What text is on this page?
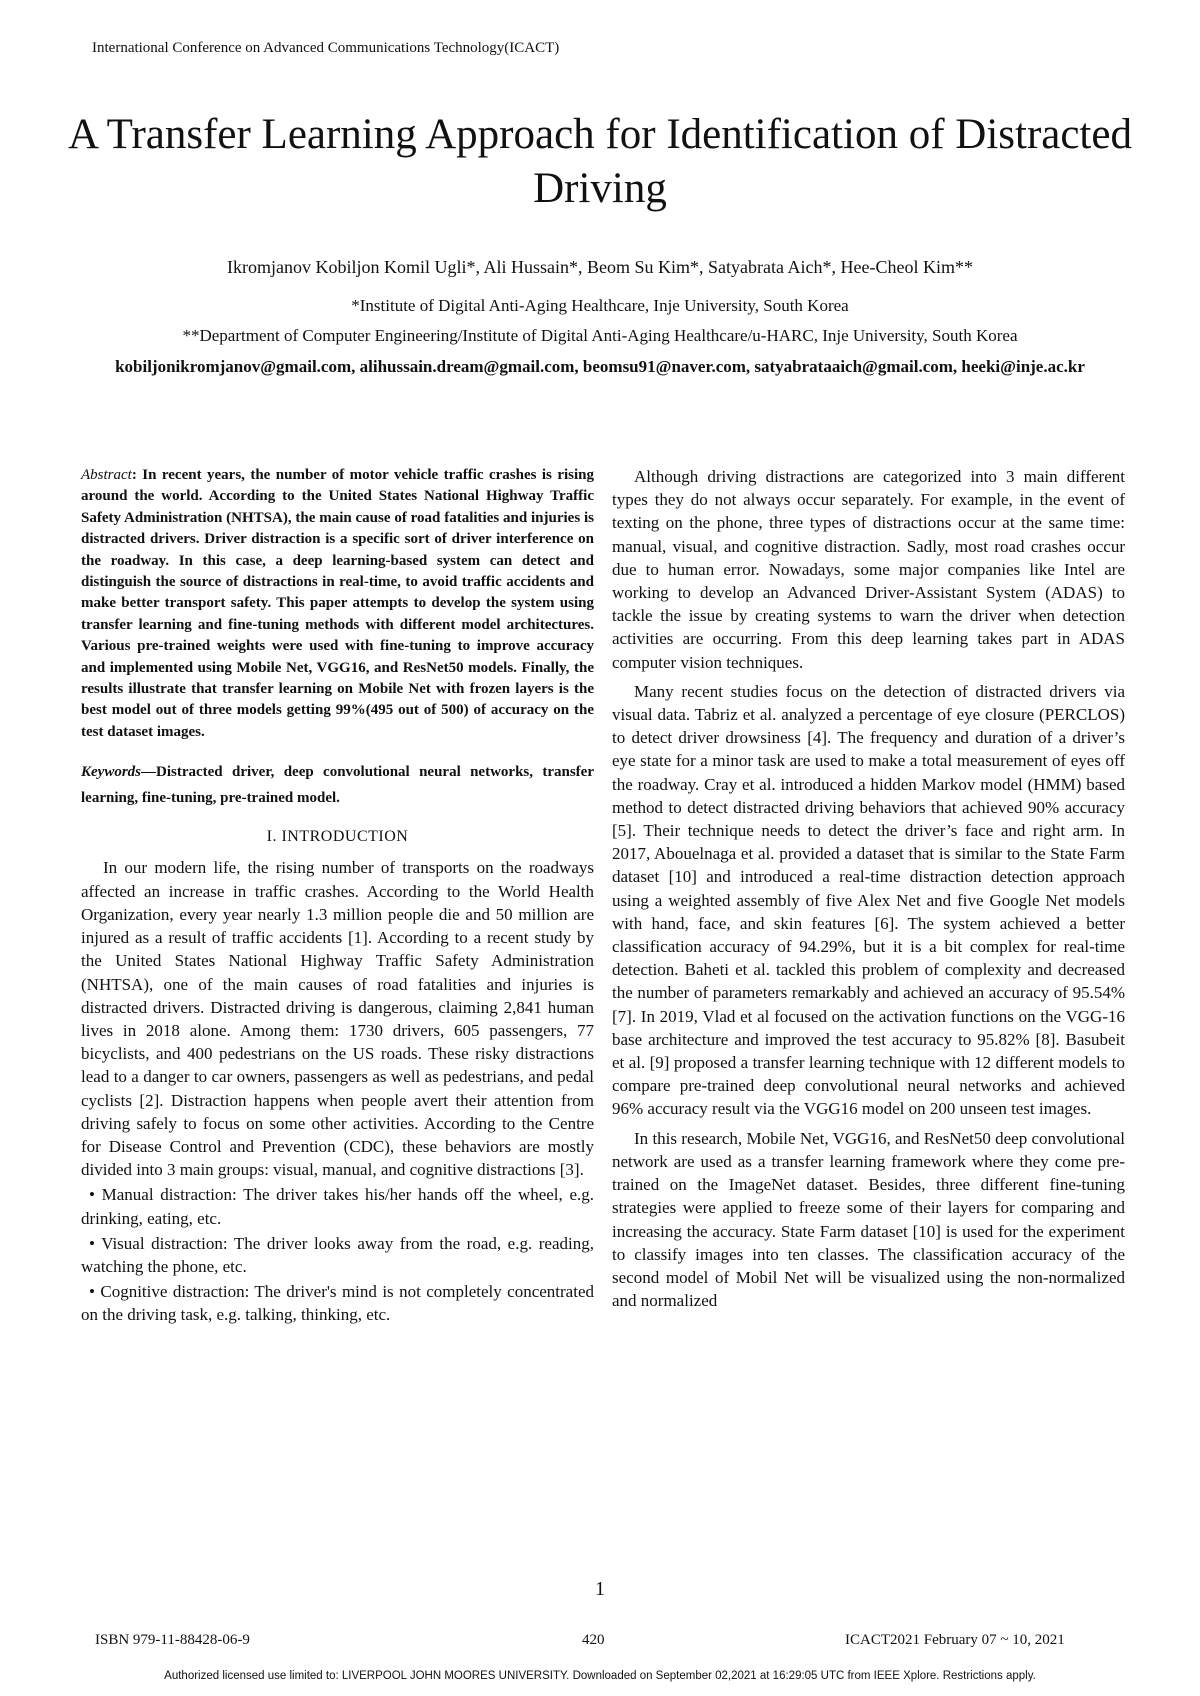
International Conference on Advanced Communications Technology(ICACT)
A Transfer Learning Approach for Identification of Distracted Driving
Ikromjanov Kobiljon Komil Ugli*, Ali Hussain*, Beom Su Kim*, Satyabrata Aich*, Hee-Cheol Kim**
*Institute of Digital Anti-Aging Healthcare, Inje University, South Korea
**Department of Computer Engineering/Institute of Digital Anti-Aging Healthcare/u-HARC, Inje University, South Korea
kobiljonikromjanov@gmail.com, alihussain.dream@gmail.com, beomsu91@naver.com, satyabrataaich@gmail.com, heeki@inje.ac.kr

Abstract: In recent years, the number of motor vehicle traffic crashes is rising around the world. According to the United States National Highway Traffic Safety Administration (NHTSA), the main cause of road fatalities and injuries is distracted drivers. Driver distraction is a specific sort of driver interference on the roadway. In this case, a deep learning-based system can detect and distinguish the source of distractions in real-time, to avoid traffic accidents and make better transport safety. This paper attempts to develop the system using transfer learning and fine-tuning methods with different model architectures. Various pre-trained weights were used with fine-tuning to improve accuracy and implemented using Mobile Net, VGG16, and ResNet50 models. Finally, the results illustrate that transfer learning on Mobile Net with frozen layers is the best model out of three models getting 99%(495 out of 500) of accuracy on the test dataset images.

Keywords—Distracted driver, deep convolutional neural networks, transfer learning, fine-tuning, pre-trained model.

I. INTRODUCTION

In our modern life, the rising number of transports on the roadways affected an increase in traffic crashes. According to the World Health Organization, every year nearly 1.3 million people die and 50 million are injured as a result of traffic accidents [1]. According to a recent study by the United States National Highway Traffic Safety Administration (NHTSA), one of the main causes of road fatalities and injuries is distracted drivers. Distracted driving is dangerous, claiming 2,841 human lives in 2018 alone. Among them: 1730 drivers, 605 passengers, 77 bicyclists, and 400 pedestrians on the US roads. These risky distractions lead to a danger to car owners, passengers as well as pedestrians, and pedal cyclists [2]. Distraction happens when people avert their attention from driving safely to focus on some other activities. According to the Centre for Disease Control and Prevention (CDC), these behaviors are mostly divided into 3 main groups: visual, manual, and cognitive distractions [3].

• Manual distraction: The driver takes his/her hands off the wheel, e.g. drinking, eating, etc.

• Visual distraction: The driver looks away from the road, e.g. reading, watching the phone, etc.

• Cognitive distraction: The driver's mind is not completely concentrated on the driving task, e.g. talking, thinking, etc.

Although driving distractions are categorized into 3 main different types they do not always occur separately. For example, in the event of texting on the phone, three types of distractions occur at the same time: manual, visual, and cognitive distraction. Sadly, most road crashes occur due to human error. Nowadays, some major companies like Intel are working to develop an Advanced Driver-Assistant System (ADAS) to tackle the issue by creating systems to warn the driver when detection activities are occurring. From this deep learning takes part in ADAS computer vision techniques.

Many recent studies focus on the detection of distracted drivers via visual data. Tabriz et al. analyzed a percentage of eye closure (PERCLOS) to detect driver drowsiness [4]. The frequency and duration of a driver’s eye state for a minor task are used to make a total measurement of eyes off the roadway. Cray et al. introduced a hidden Markov model (HMM) based method to detect distracted driving behaviors that achieved 90% accuracy [5]. Their technique needs to detect the driver’s face and right arm. In 2017, Abouelnaga et al. provided a dataset that is similar to the State Farm dataset [10] and introduced a real-time distraction detection approach using a weighted assembly of five Alex Net and five Google Net models with hand, face, and skin features [6]. The system achieved a better classification accuracy of 94.29%, but it is a bit complex for real-time detection. Baheti et al. tackled this problem of complexity and decreased the number of parameters remarkably and achieved an accuracy of 95.54% [7]. In 2019, Vlad et al focused on the activation functions on the VGG-16 base architecture and improved the test accuracy to 95.82% [8]. Basubeit et al. [9] proposed a transfer learning technique with 12 different models to compare pre-trained deep convolutional neural networks and achieved 96% accuracy result via the VGG16 model on 200 unseen test images.

In this research, Mobile Net, VGG16, and ResNet50 deep convolutional network are used as a transfer learning framework where they come pre-trained on the ImageNet dataset. Besides, three different fine-tuning strategies were applied to freeze some of their layers for comparing and increasing the accuracy. State Farm dataset [10] is used for the experiment to classify images into ten classes. The classification accuracy of the second model of Mobil Net will be visualized using the non-normalized and normalized

1
ISBN 979-11-88428-06-9	420	ICACT2021 February 07 ~ 10, 2021
Authorized licensed use limited to: LIVERPOOL JOHN MOORES UNIVERSITY. Downloaded on September 02,2021 at 16:29:05 UTC from IEEE Xplore. Restrictions apply.
